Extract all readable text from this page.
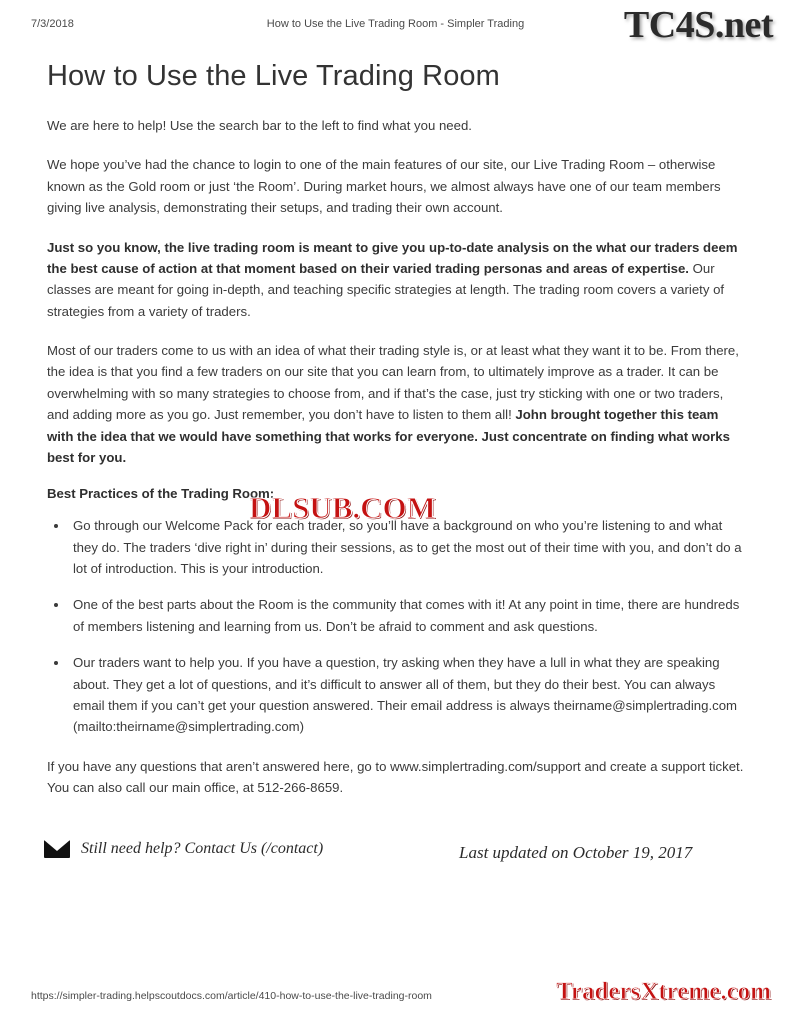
7/3/2018	How to Use the Live Trading Room - Simpler Trading	TC4S.net
How to Use the Live Trading Room

We are here to help! Use the search bar to the left to find what you need.

We hope you’ve had the chance to login to one of the main features of our site, our Live Trading Room – otherwise known as the Gold room or just ‘the Room’. During market hours, we almost always have one of our team members giving live analysis, demonstrating their setups, and trading their own account.

Just so you know, the live trading room is meant to give you up-to-date analysis on the what our traders deem the best cause of action at that moment based on their varied trading personas and areas of expertise. Our classes are meant for going in-depth, and teaching specific strategies at length. The trading room covers a variety of strategies from a variety of traders.

Most of our traders come to us with an idea of what their trading style is, or at least what they want it to be. From there, the idea is that you find a few traders on our site that you can learn from, to ultimately improve as a trader. It can be overwhelming with so many strategies to choose from, and if that’s the case, just try sticking with one or two traders, and adding more as you go. Just remember, you don’t have to listen to them all! John brought together this team with the idea that we would have something that works for everyone. Just concentrate on finding what works best for you.

Best Practices of the Trading Room:

• Go through our Welcome Pack for each trader, so you’ll have a background on who you’re listening to and what they do. The traders ‘dive right in’ during their sessions, as to get the most out of their time with you, and don’t do a lot of introduction. This is your introduction.
• One of the best parts about the Room is the community that comes with it! At any point in time, there are hundreds of members listening and learning from us. Don’t be afraid to comment and ask questions.
• Our traders want to help you. If you have a question, try asking when they have a lull in what they are speaking about. They get a lot of questions, and it’s difficult to answer all of them, but they do their best. You can always email them if you can’t get your question answered. Their email address is always theirname@simplertrading.com (mailto:theirname@simplertrading.com)

If you have any questions that aren’t answered here, go to www.simplertrading.com/support and create a support ticket. You can also call our main office, at 512-266-8659.

DLSUB.COM
Still need help? Contact Us (/contact)	Last updated on October 19, 2017
https://simpler-trading.helpscoutdocs.com/article/410-how-to-use-the-live-trading-room	TradersXtreme.com
